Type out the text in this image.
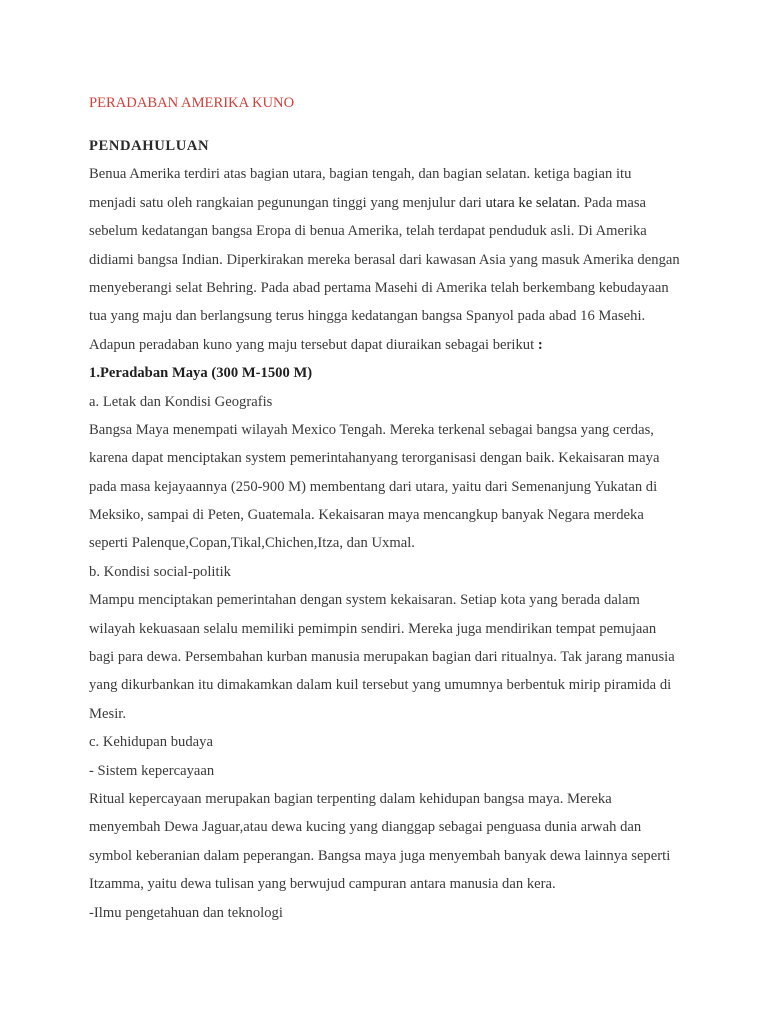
PERADABAN AMERIKA KUNO
PENDAHULUAN
Benua Amerika terdiri atas bagian utara, bagian tengah, dan bagian selatan. ketiga bagian itu
menjadi satu oleh rangkaian pegunungan tinggi yang menjulur dari utara ke selatan. Pada masa
sebelum kedatangan bangsa Eropa di benua Amerika, telah terdapat penduduk asli. Di Amerika
didiami bangsa Indian. Diperkirakan mereka berasal dari kawasan Asia yang masuk Amerika dengan
menyeberangi selat Behring. Pada abad pertama Masehi di Amerika telah berkembang kebudayaan
tua yang maju dan berlangsung terus hingga kedatangan bangsa Spanyol pada abad 16 Masehi.
Adapun peradaban kuno yang maju tersebut dapat diuraikan sebagai berikut :
1.Peradaban Maya (300 M-1500 M)
a. Letak dan Kondisi Geografis
Bangsa Maya menempati wilayah Mexico Tengah. Mereka terkenal sebagai bangsa yang cerdas,
karena dapat menciptakan system pemerintahanyang terorganisasi dengan baik. Kekaisaran maya
pada masa kejayaannya (250-900 M) membentang dari utara, yaitu dari Semenanjung Yukatan di
Meksiko, sampai di Peten, Guatemala. Kekaisaran maya mencangkup banyak Negara merdeka
seperti Palenque,Copan,Tikal,Chichen,Itza, dan Uxmal.
b. Kondisi social-politik
Mampu menciptakan pemerintahan dengan system kekaisaran. Setiap kota yang berada dalam
wilayah kekuasaan selalu memiliki pemimpin sendiri. Mereka juga mendirikan tempat pemujaan
bagi para dewa. Persembahan kurban manusia merupakan bagian dari ritualnya. Tak jarang manusia
yang dikurbankan itu dimakamkan dalam kuil tersebut yang umumnya berbentuk mirip piramida di
Mesir.
c. Kehidupan budaya
- Sistem kepercayaan
Ritual kepercayaan merupakan bagian terpenting dalam kehidupan bangsa maya. Mereka
menyembah Dewa Jaguar,atau dewa kucing yang dianggap sebagai penguasa dunia arwah dan
symbol keberanian dalam peperangan. Bangsa maya juga menyembah banyak dewa lainnya seperti
Itzamma, yaitu dewa tulisan yang berwujud campuran antara manusia dan kera.
-Ilmu pengetahuan dan teknologi
